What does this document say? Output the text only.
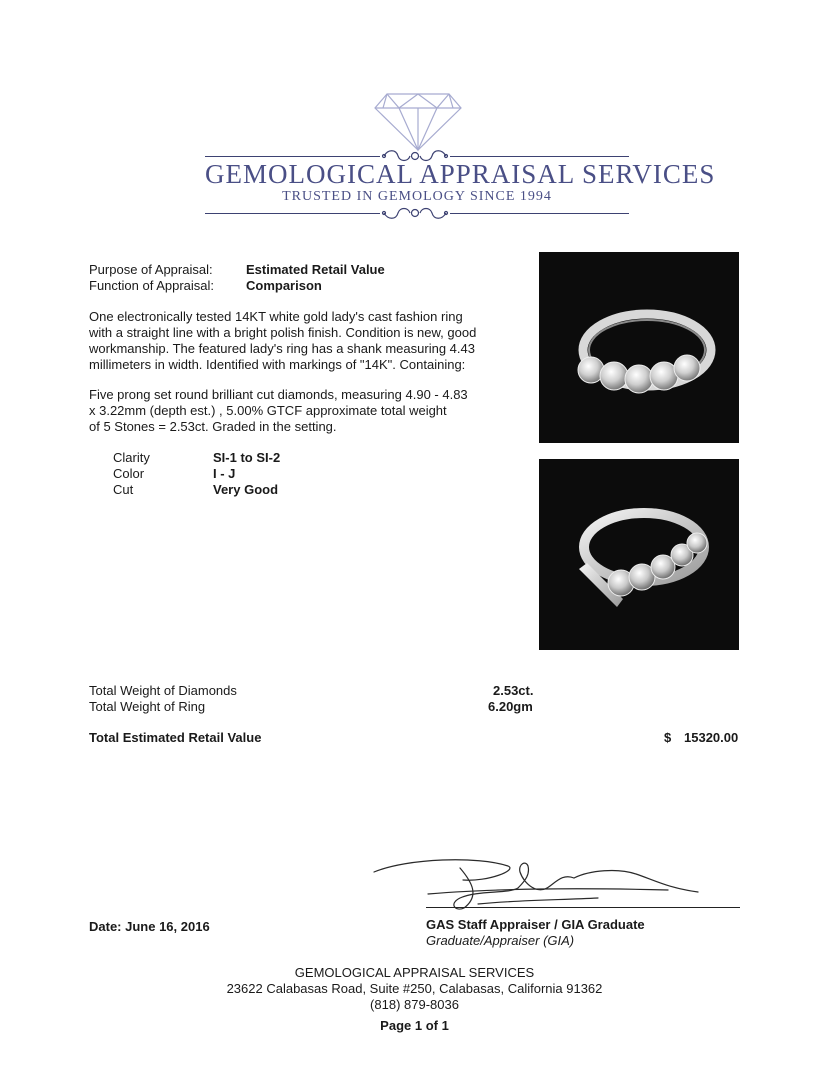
GEMOLOGICAL APPRAISAL SERVICES
TRUSTED IN GEMOLOGY SINCE 1994
Purpose of Appraisal:	Estimated Retail Value
Function of Appraisal: Comparison
One electronically tested 14KT white gold lady's cast fashion ring
with a straight line with a bright polish finish. Condition is new, good
workmanship. The featured lady's ring has a shank measuring 4.43
millimeters in width. Identified with markings of "14K". Containing:
Five prong set round brilliant cut diamonds, measuring 4.90 - 4.83
x 3.22mm (depth est.) , 5.00% GTCF approximate total weight
of 5 Stones = 2.53ct. Graded in the setting.
Clarity	SI-1 to SI-2
Color	I - J
Cut	Very Good
Total Weight of Diamonds	2.53ct.
Total Weight of Ring	6.20gm
Total Estimated Retail Value	$ 15320.00
Date: June 16, 2016	GAS Staff Appraiser / GIA Graduate
Graduate/Appraiser (GIA)
GEMOLOGICAL APPRAISAL SERVICES
23622 Calabasas Road, Suite #250, Calabasas, California 91362
(818) 879-8036
Page 1 of 1
